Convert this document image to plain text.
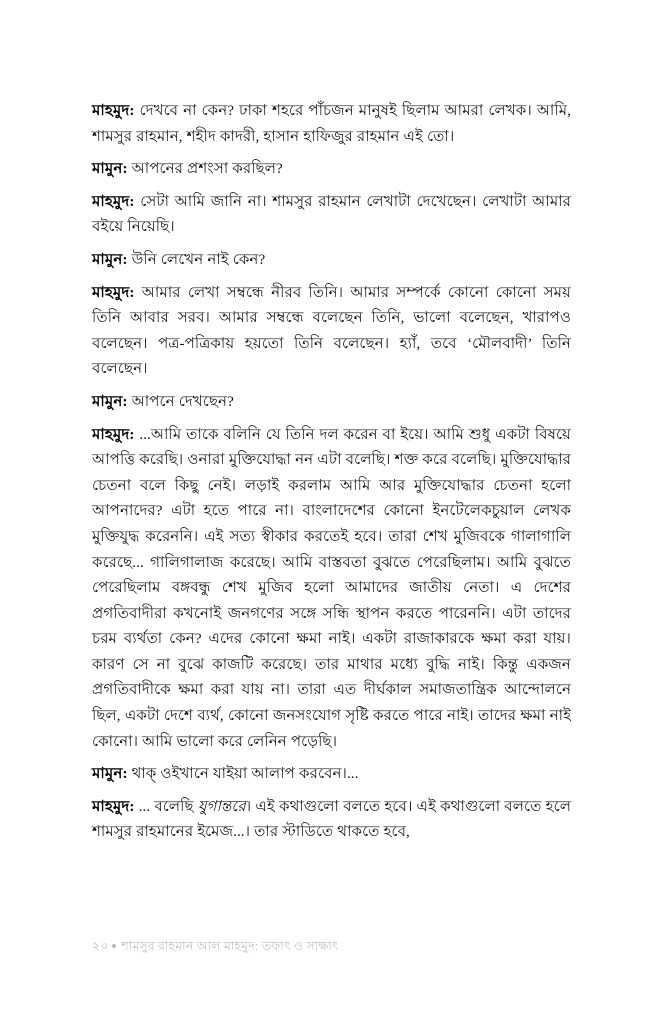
মাহমুদ: দেখবে না কেন? ঢাকা শহরে পাঁচজন মানুষই ছিলাম আমরা লেখক। আমি, শামসুর রাহমান, শহীদ কাদরী, হাসান হাফিজুর রাহমান এই তো।

মামুন: আপনের প্রশংসা করছিল?

মাহমুদ: সেটা আমি জানি না। শামসুর রাহমান লেখাটা দেখেছেন। লেখাটা আমার বইয়ে নিয়েছি।

মামুন: উনি লেখেন নাই কেন?

মাহমুদ: আমার লেখা সম্বন্ধে নীরব তিনি। আমার সম্পর্কে কোনো কোনো সময় তিনি আবার সরব। আমার সম্বন্ধে বলেছেন তিনি, ভালো বলেছেন, খারাপও বলেছেন। পত্র-পত্রিকায় হয়তো তিনি বলেছেন। হ্যাঁ, তবে ‘মৌলবাদী’ তিনি বলেছেন।

মামুন: আপনে দেখছেন?

মাহমুদ: ...আমি তাকে বলিনি যে তিনি দল করেন বা ইয়ে। আমি শুধু একটা বিষয়ে আপত্তি করেছি। ওনারা মুক্তিযোদ্ধা নন এটা বলেছি। শক্ত করে বলেছি। মুক্তিযোদ্ধার চেতনা বলে কিছু নেই। লড়াই করলাম আমি আর মুক্তিযোদ্ধার চেতনা হলো আপনাদের? এটা হতে পারে না। বাংলাদেশের কোনো ইনটেলেকচুয়াল লেখক মুক্তিযুদ্ধ করেননি। এই সত্য স্বীকার করতেই হবে। তারা শেখ মুজিবকে গালাগালি করেছে... গালিগালাজ করেছে। আমি বাস্তবতা বুঝতে পেরেছিলাম। আমি বুঝতে পেরেছিলাম বঙ্গবন্ধু শেখ মুজিব হলো আমাদের জাতীয় নেতা। এ দেশের প্রগতিবাদীরা কখনোই জনগণের সঙ্গে সন্ধি স্থাপন করতে পারেননি। এটা তাদের চরম ব্যর্থতা কেন? এদের কোনো ক্ষমা নাই। একটা রাজাকারকে ক্ষমা করা যায়। কারণ সে না বুঝে কাজটি করেছে। তার মাথার মধ্যে বুদ্ধি নাই। কিন্তু একজন প্রগতিবাদীকে ক্ষমা করা যায় না। তারা এত দীর্ঘকাল সমাজতান্ত্রিক আন্দোলনে ছিল, একটা দেশে ব্যর্থ, কোনো জনসংযোগ সৃষ্টি করতে পারে নাই। তাদের ক্ষমা নাই কোনো। আমি ভালো করে লেনিন পড়েছি।

মামুন: থাক্ ওইখানে যাইয়া আলাপ করবেন।...

মাহমুদ: ... বলেছি যুগান্তরে। এই কথাগুলো বলতে হবে। এই কথাগুলো বলতে হলে শামসুর রাহমানের ইমেজ...। তার স্টাডিতে থাকতে হবে,

২০ শামসুর রাহমান আল মাহমুদ: তফাৎ ও সাক্ষাৎ
